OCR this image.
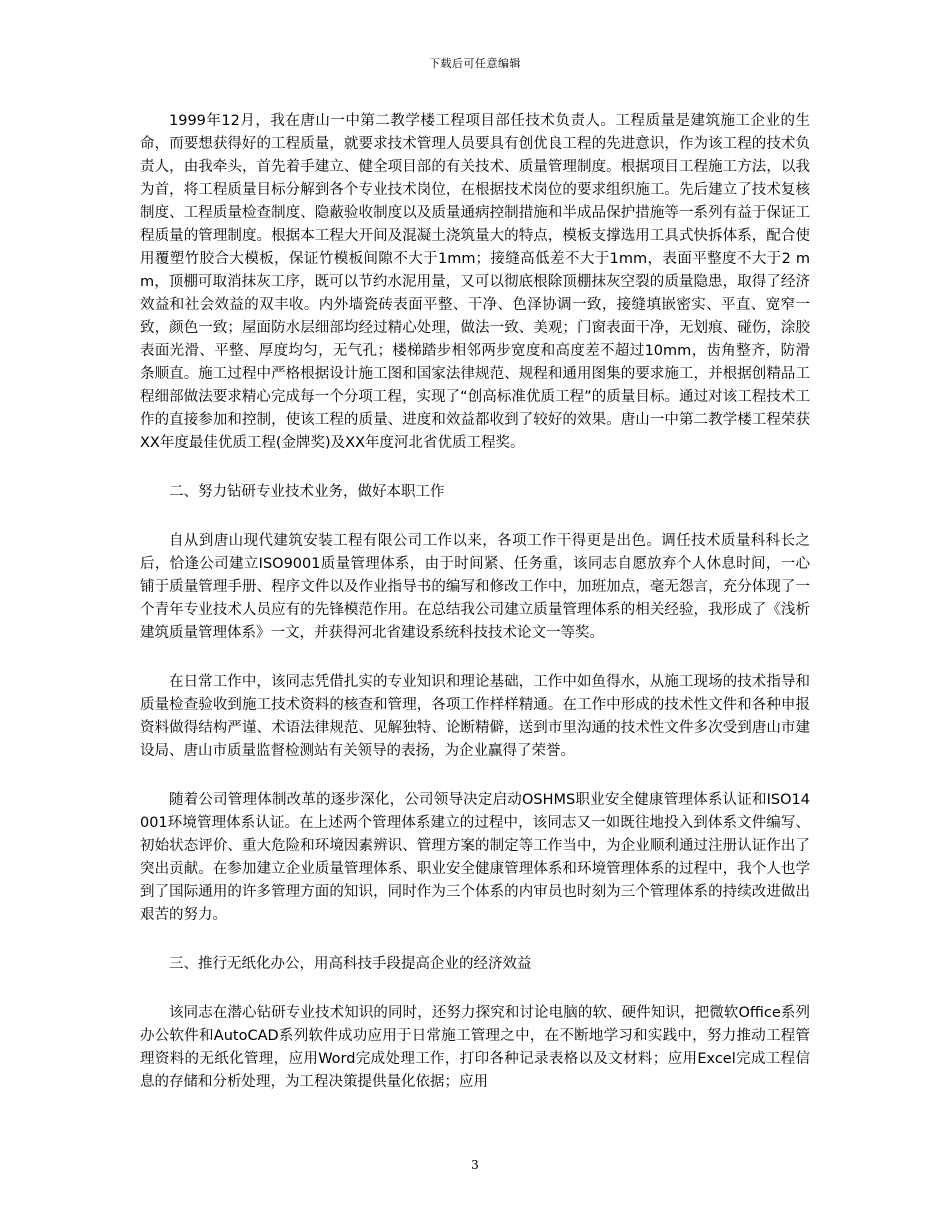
下载后可任意编辑

1999年12月，我在唐山一中第二教学楼工程项目部任技术负责人。工程质量是建筑施工企业的生命，而要想获得好的工程质量，就要求技术管理人员要具有创优良工程的先进意识，作为该工程的技术负责人，由我牵头，首先着手建立、健全项目部的有关技术、质量管理制度。根据项目工程施工方法，以我为首，将工程质量目标分解到各个专业技术岗位，在根据技术岗位的要求组织施工。先后建立了技术复核制度、工程质量检查制度、隐蔽验收制度以及质量通病控制措施和半成品保护措施等一系列有益于保证工程质量的管理制度。根据本工程大开间及混凝土浇筑量大的特点，模板支撑选用工具式快拆体系，配合使用覆塑竹胶合大模板，保证竹模板间隙不大于1mm；接缝高低差不大于1mm，表面平整度不大于2 mm，顶棚可取消抹灰工序，既可以节约水泥用量，又可以彻底根除顶棚抹灰空裂的质量隐患，取得了经济效益和社会效益的双丰收。内外墙瓷砖表面平整、干净、色泽协调一致，接缝填嵌密实、平直、宽窄一致，颜色一致；屋面防水层细部均经过精心处理，做法一致、美观；门窗表面干净，无划痕、碰伤，涂胶表面光滑、平整、厚度均匀，无气孔；楼梯踏步相邻两步宽度和高度差不超过10mm，齿角整齐，防滑条顺直。施工过程中严格根据设计施工图和国家法律规范、规程和通用图集的要求施工，并根据创精品工程细部做法要求精心完成每一个分项工程，实现了“创高标准优质工程”的质量目标。通过对该工程技术工作的直接参加和控制，使该工程的质量、进度和效益都收到了较好的效果。唐山一中第二教学楼工程荣获XX年度最佳优质工程(金牌奖)及XX年度河北省优质工程奖。

二、努力钻研专业技术业务，做好本职工作

自从到唐山现代建筑安装工程有限公司工作以来，各项工作干得更是出色。调任技术质量科科长之后，恰逢公司建立ISO9001质量管理体系，由于时间紧、任务重，该同志自愿放弃个人休息时间，一心铺于质量管理手册、程序文件以及作业指导书的编写和修改工作中，加班加点，毫无怨言，充分体现了一个青年专业技术人员应有的先锋模范作用。在总结我公司建立质量管理体系的相关经验，我形成了《浅析建筑质量管理体系》一文，并获得河北省建设系统科技技术论文一等奖。

在日常工作中，该同志凭借扎实的专业知识和理论基础，工作中如鱼得水，从施工现场的技术指导和质量检查验收到施工技术资料的核查和管理，各项工作样样精通。在工作中形成的技术性文件和各种申报资料做得结构严谨、术语法律规范、见解独特、论断精僻，送到市里沟通的技术性文件多次受到唐山市建设局、唐山市质量监督检测站有关领导的表扬，为企业赢得了荣誉。

随着公司管理体制改革的逐步深化，公司领导决定启动OSHMS职业安全健康管理体系认证和ISO14001环境管理体系认证。在上述两个管理体系建立的过程中，该同志又一如既往地投入到体系文件编写、初始状态评价、重大危险和环境因素辨识、管理方案的制定等工作当中，为企业顺利通过注册认证作出了突出贡献。在参加建立企业质量管理体系、职业安全健康管理体系和环境管理体系的过程中，我个人也学到了国际通用的许多管理方面的知识，同时作为三个体系的内审员也时刻为三个管理体系的持续改进做出艰苦的努力。

三、推行无纸化办公，用高科技手段提高企业的经济效益

该同志在潜心钻研专业技术知识的同时，还努力探究和讨论电脑的软、硬件知识，把微软Office系列办公软件和AutoCAD系列软件成功应用于日常施工管理之中，在不断地学习和实践中，努力推动工程管理资料的无纸化管理，应用Word完成处理工作，打印各种记录表格以及文材料；应用Excel完成工程信息的存储和分析处理，为工程决策提供量化依据；应用

3
